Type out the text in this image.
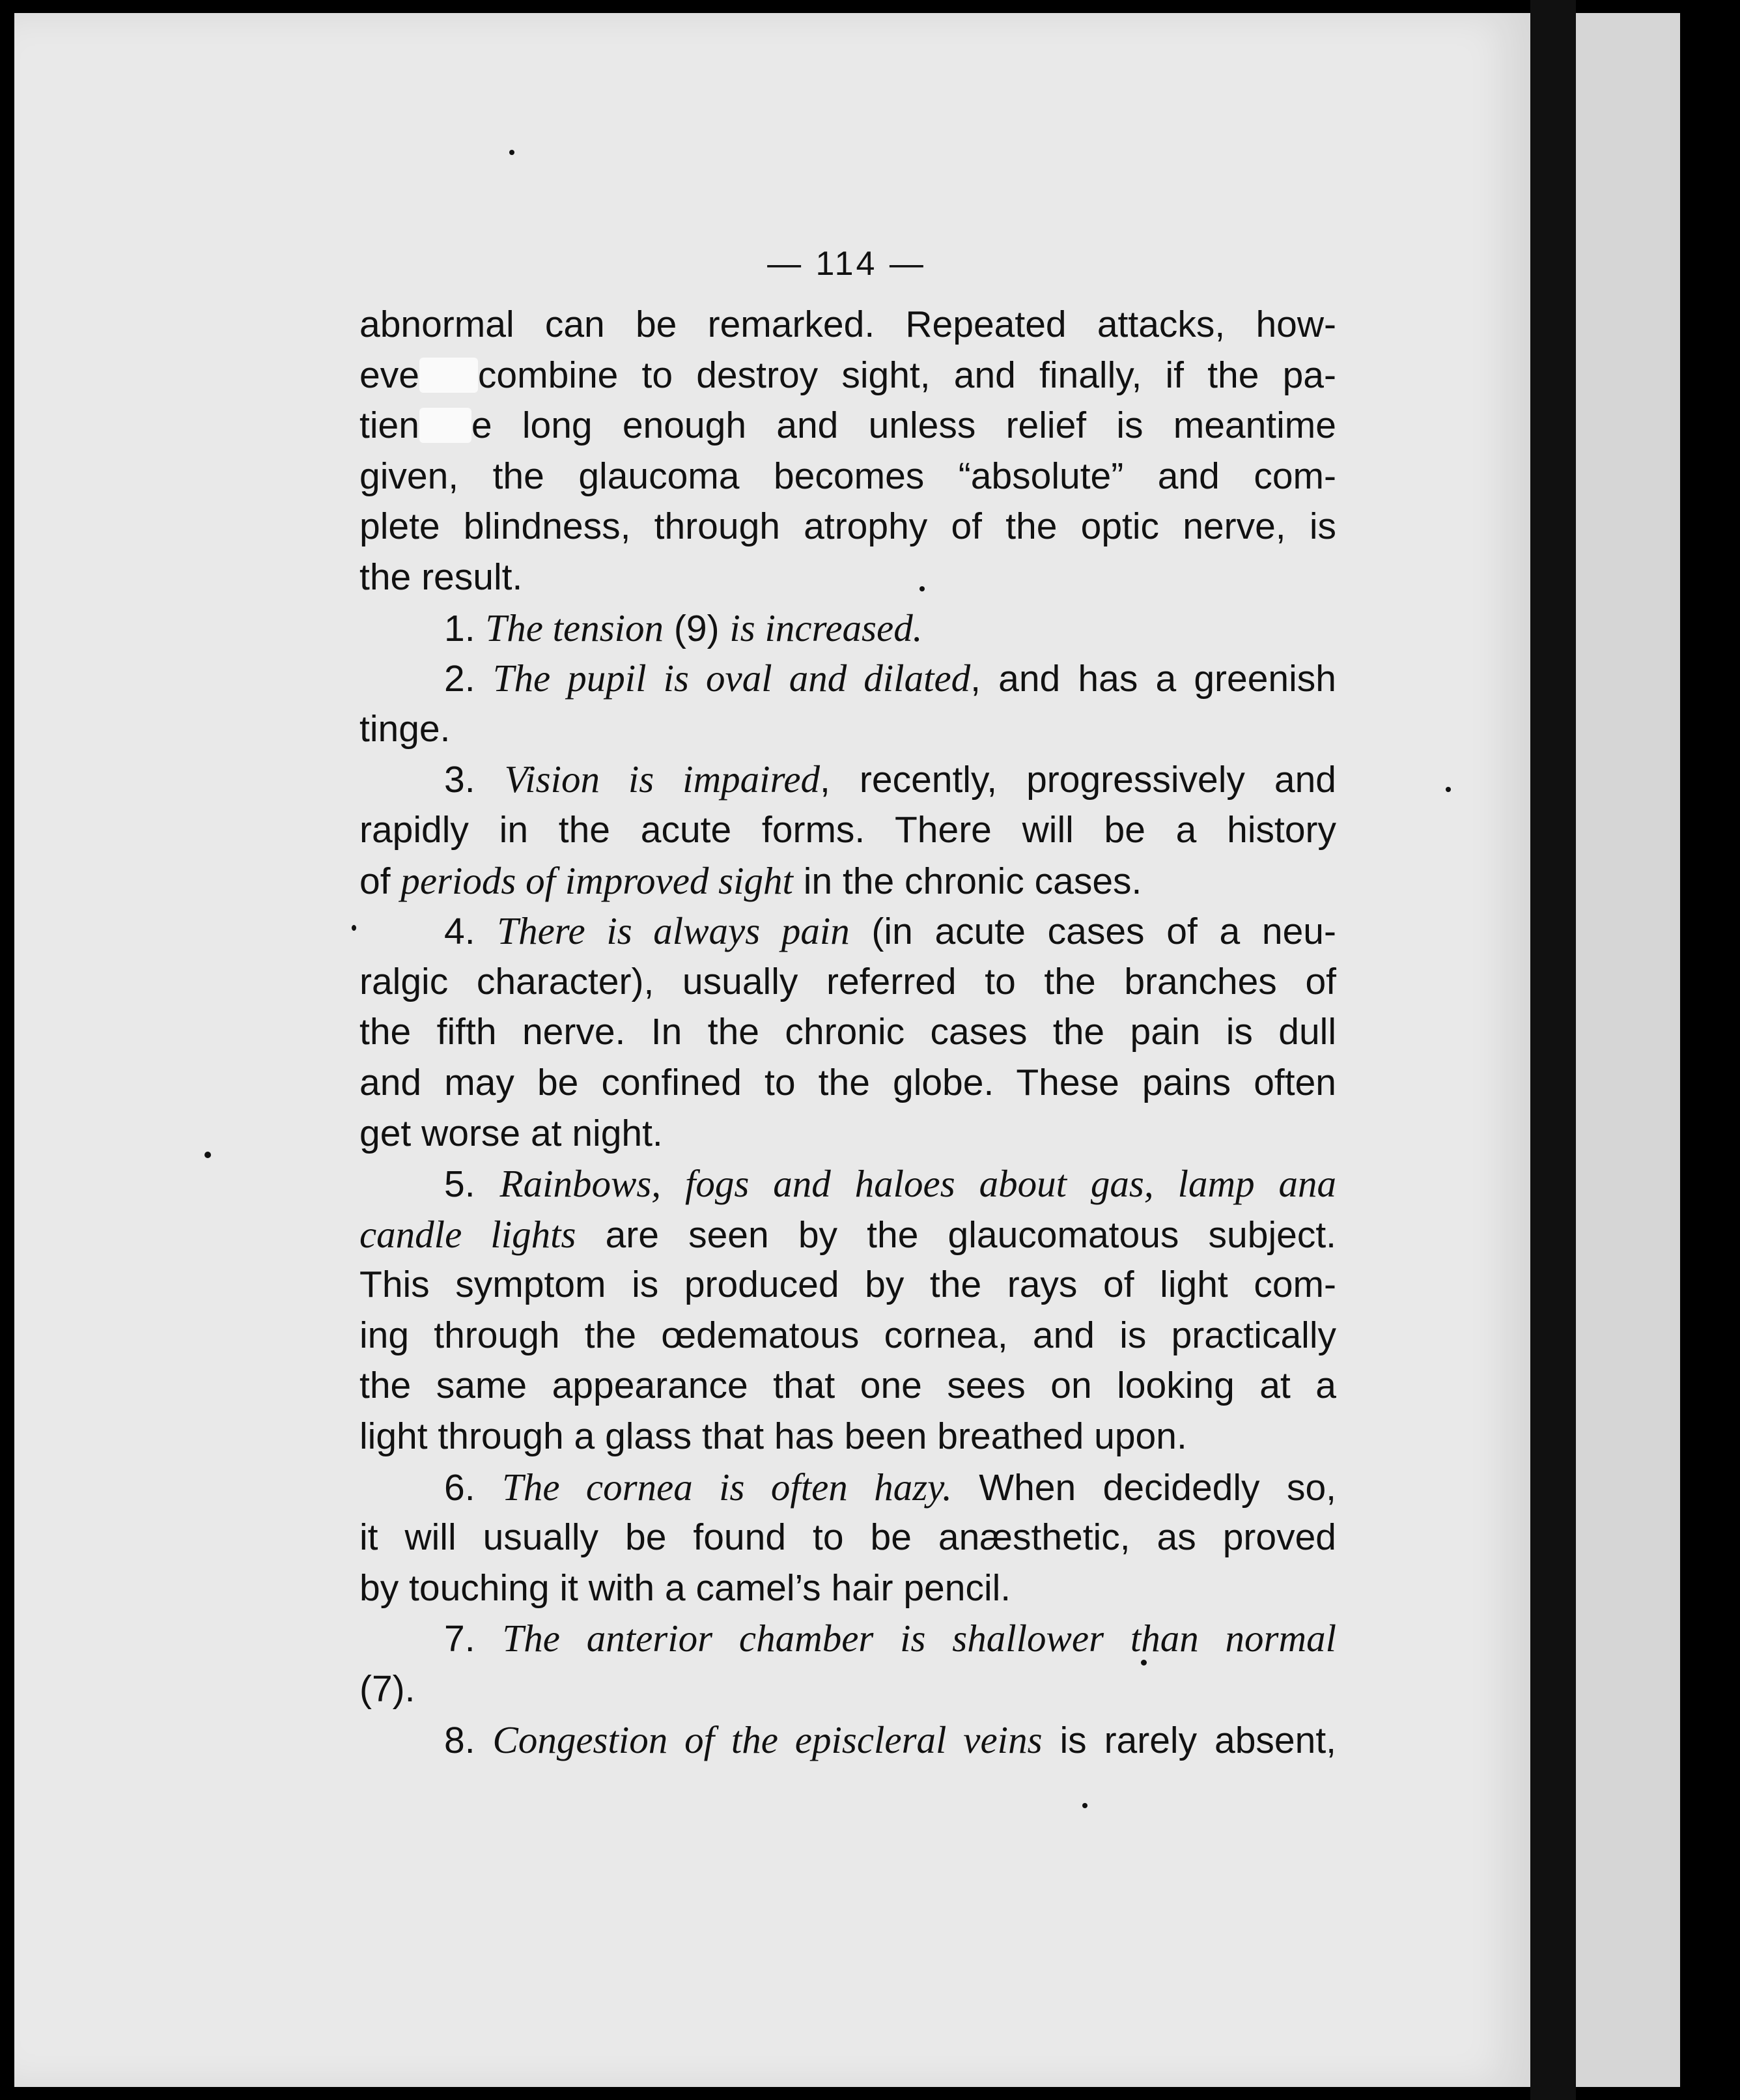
— 114 —
abnormal can be remarked. Repeated attacks, how-
eve combine to destroy sight, and finally, if the pa-
tien e long enough and unless relief is meantime
given, the glaucoma becomes “absolute” and com-
plete blindness, through atrophy of the optic nerve, is
the result.
1. The tension (9) is increased.
2. The pupil is oval and dilated, and has a greenish
tinge.
3. Vision is impaired, recently, progressively and
rapidly in the acute forms. There will be a history
of periods of improved sight in the chronic cases.
4. There is always pain (in acute cases of a neu-
ralgic character), usually referred to the branches of
the fifth nerve. In the chronic cases the pain is dull
and may be confined to the globe. These pains often
get worse at night.
5. Rainbows, fogs and haloes about gas, lamp ana
candle lights are seen by the glaucomatous subject.
This symptom is produced by the rays of light com-
ing through the œdematous cornea, and is practically
the same appearance that one sees on looking at a
light through a glass that has been breathed upon.
6. The cornea is often hazy. When decidedly so,
it will usually be found to be anæsthetic, as proved
by touching it with a camel’s hair pencil.
7. The anterior chamber is shallower than normal
(7).
8. Congestion of the episcleral veins is rarely absent,
